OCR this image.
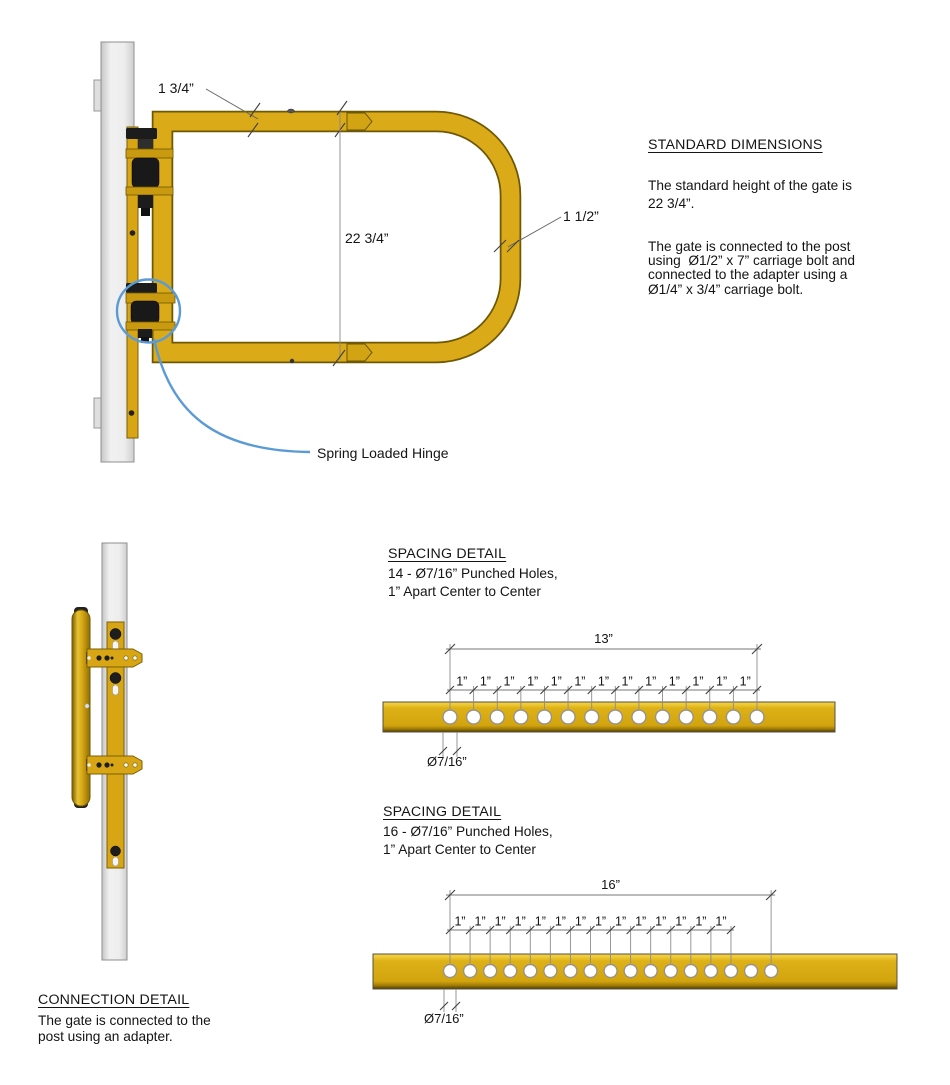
1 3/4”
22 3/4”
1 1/2”
Spring Loaded Hinge
STANDARD DIMENSIONS
The standard height of the gate is
22 3/4”.
The gate is connected to the post
using  Ø1/2” x 7” carriage bolt and
connected to the adapter using a
Ø1/4” x 3/4” carriage bolt.
SPACING DETAIL
14 - Ø7/16” Punched Holes,
1” Apart Center to Center
13”
1” 1” 1” 1” 1” 1” 1” 1” 1” 1” 1” 1” 1”
Ø7/16”
SPACING DETAIL
16 - Ø7/16” Punched Holes,
1” Apart Center to Center
16”
1” 1” 1” 1” 1” 1” 1” 1” 1” 1” 1” 1” 1” 1”
Ø7/16”
CONNECTION DETAIL
The gate is connected to the
post using an adapter.
